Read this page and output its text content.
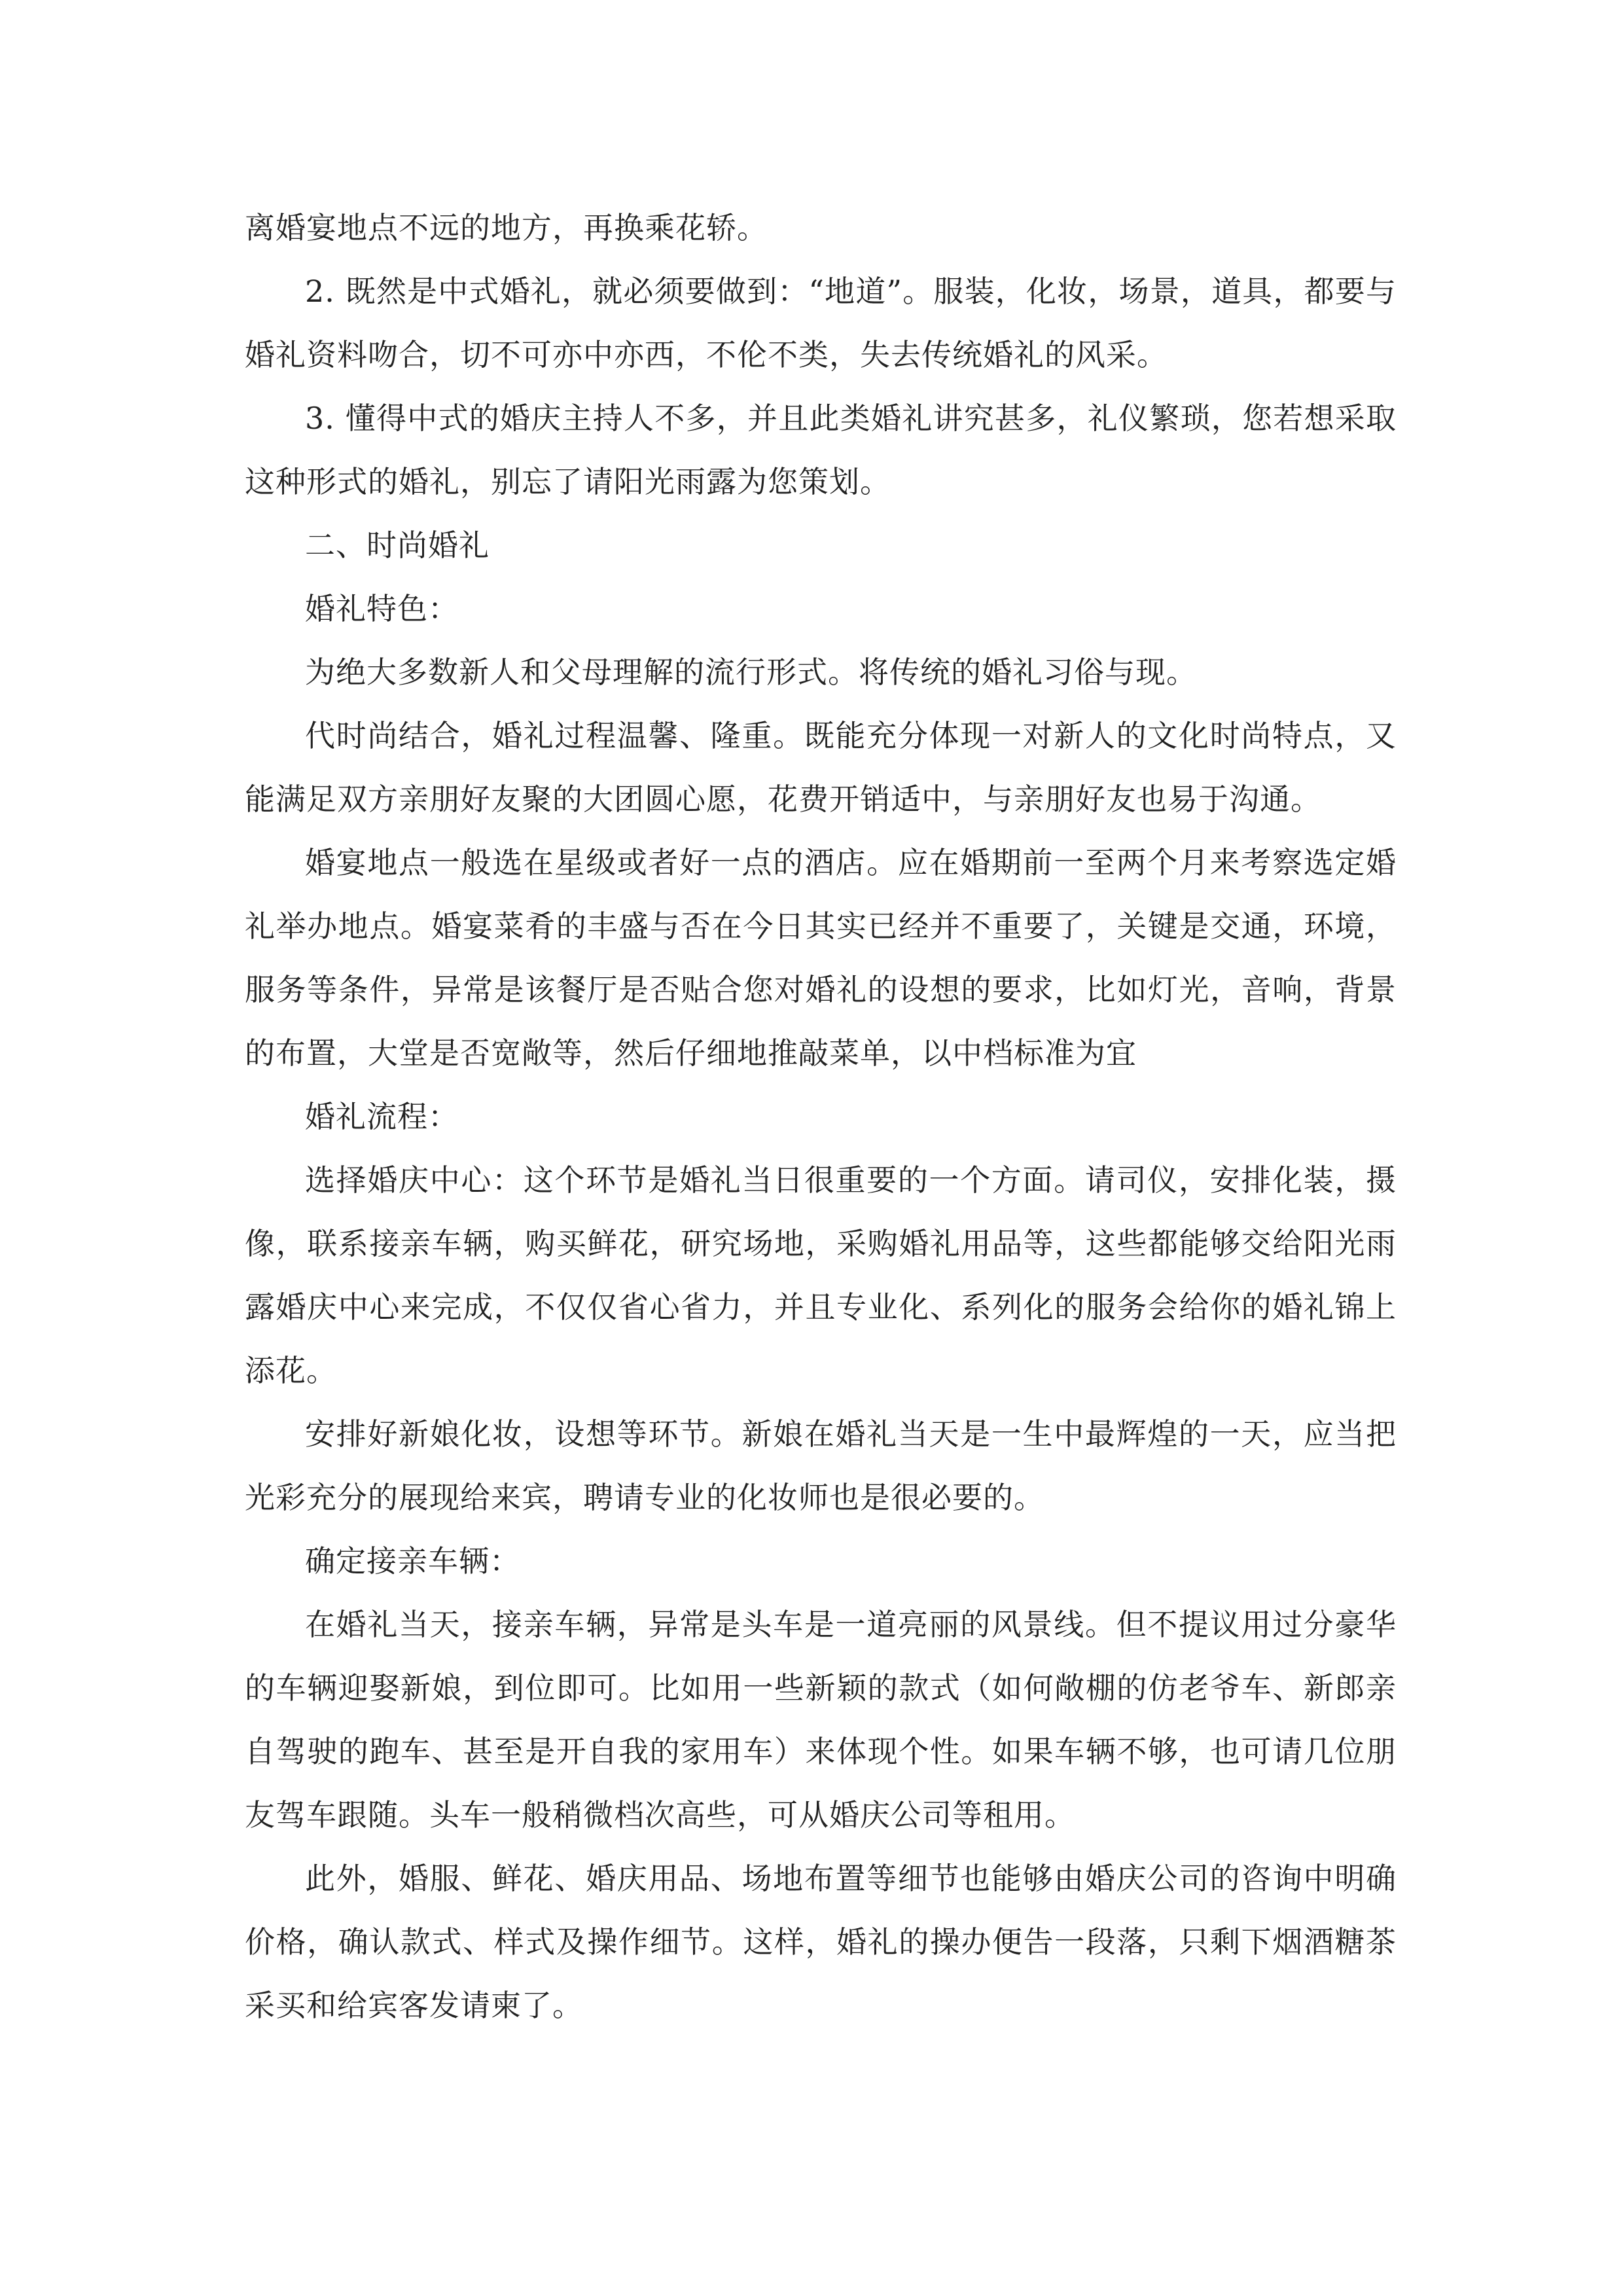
离婚宴地点不远的地方，再换乘花轿。

2. 既然是中式婚礼，就必须要做到：“地道”。服装，化妆，场景，道具，都要与婚礼资料吻合，切不可亦中亦西，不伦不类，失去传统婚礼的风采。

3. 懂得中式的婚庆主持人不多，并且此类婚礼讲究甚多，礼仪繁琐，您若想采取这种形式的婚礼，别忘了请阳光雨露为您策划。

二、时尚婚礼

婚礼特色：

为绝大多数新人和父母理解的流行形式。将传统的婚礼习俗与现。

代时尚结合，婚礼过程温馨、隆重。既能充分体现一对新人的文化时尚特点，又能满足双方亲朋好友聚的大团圆心愿，花费开销适中，与亲朋好友也易于沟通。

婚宴地点一般选在星级或者好一点的酒店。应在婚期前一至两个月来考察选定婚礼举办地点。婚宴菜肴的丰盛与否在今日其实已经并不重要了，关键是交通，环境，服务等条件，异常是该餐厅是否贴合您对婚礼的设想的要求，比如灯光，音响，背景的布置，大堂是否宽敞等，然后仔细地推敲菜单，以中档标准为宜

婚礼流程：

选择婚庆中心：这个环节是婚礼当日很重要的一个方面。请司仪，安排化装，摄像，联系接亲车辆，购买鲜花，研究场地，采购婚礼用品等，这些都能够交给阳光雨露婚庆中心来完成，不仅仅省心省力，并且专业化、系列化的服务会给你的婚礼锦上添花。

安排好新娘化妆，设想等环节。新娘在婚礼当天是一生中最辉煌的一天，应当把光彩充分的展现给来宾，聘请专业的化妆师也是很必要的。

确定接亲车辆：

在婚礼当天，接亲车辆，异常是头车是一道亮丽的风景线。但不提议用过分豪华的车辆迎娶新娘，到位即可。比如用一些新颖的款式（如何敞棚的仿老爷车、新郎亲自驾驶的跑车、甚至是开自我的家用车）来体现个性。如果车辆不够，也可请几位朋友驾车跟随。头车一般稍微档次高些，可从婚庆公司等租用。

此外，婚服、鲜花、婚庆用品、场地布置等细节也能够由婚庆公司的咨询中明确价格，确认款式、样式及操作细节。这样，婚礼的操办便告一段落，只剩下烟酒糖茶采买和给宾客发请柬了。
